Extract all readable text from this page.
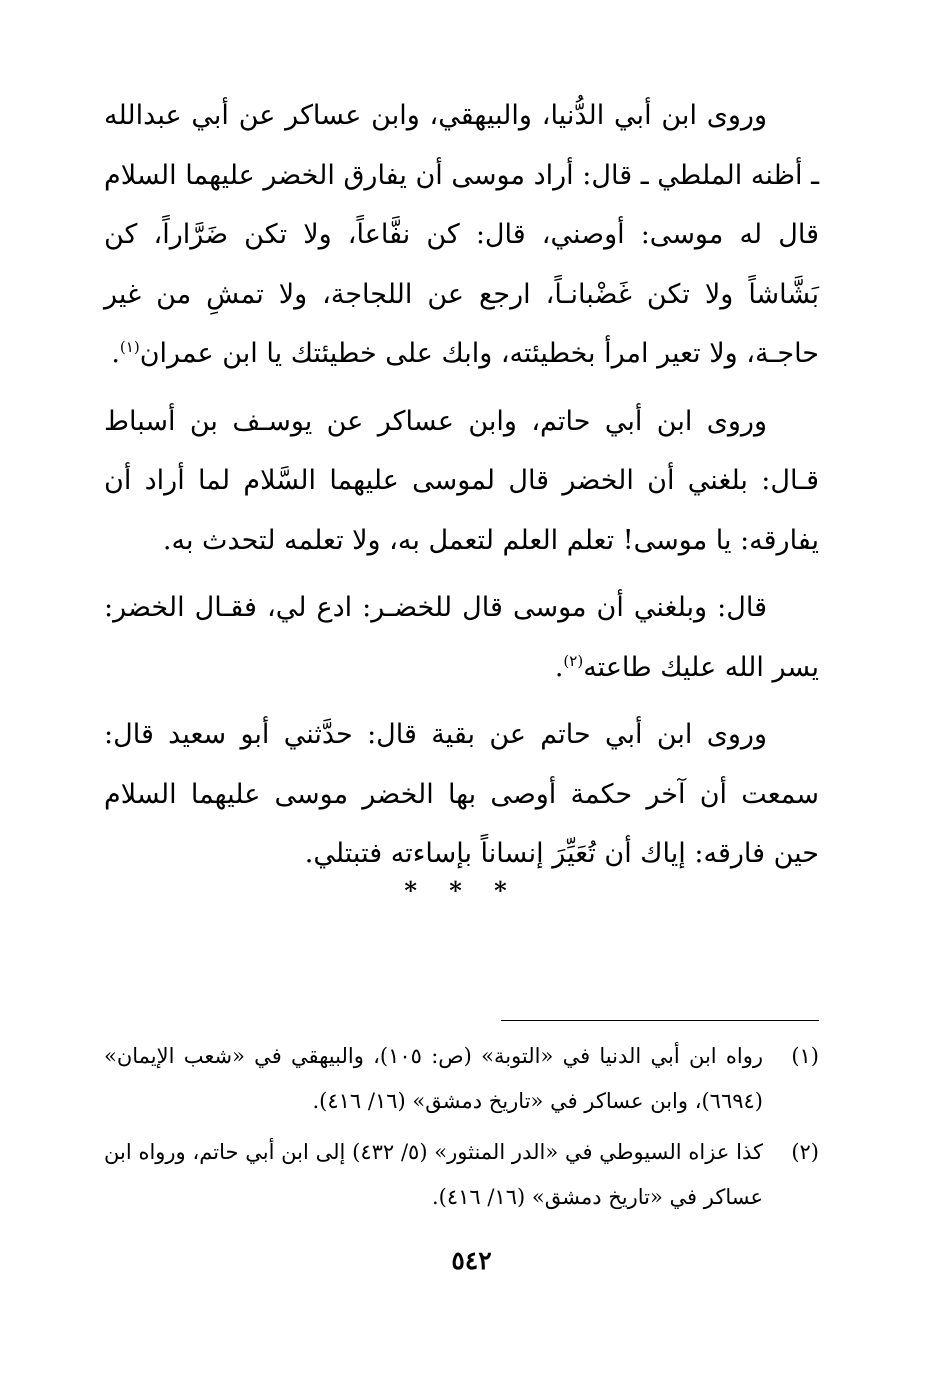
وروى ابن أبي الدُّنيا، والبيهقي، وابن عساكر عن أبي عبدالله ـ أظنه الملطي ـ قال: أراد موسى أن يفارق الخضر عليهما السلام قال له موسى: أوصني، قال: كن نفَّاعاً، ولا تكن ضَرَّاراً، كن بَشَّاشاً ولا تكن غَضْبانـاً، ارجع عن اللجاجة، ولا تمشِ من غير حاجـة، ولا تعير امرأ بخطيئته، وابك على خطيئتك يا ابن عمران$^{(١)}$.

وروى ابن أبي حاتم، وابن عساكر عن يوسـف بن أسباط قـال: بلغني أن الخضر قال لموسى عليهما السَّلام لما أراد أن يفارقه: يا موسى! تعلم العلم لتعمل به، ولا تعلمه لتحدث به.

قال: وبلغني أن موسى قال للخضـر: ادع لي، فقـال الخضر: يسر الله عليك طاعته$^{(٢)}$.

وروى ابن أبي حاتم عن بقية قال: حدَّثني أبو سعيد قال: سمعت أن آخر حكمة أوصى بها الخضر موسى عليهما السلام حين فارقه: إياك أن تُعَيِّرَ إنساناً بإساءته فتبتلي.

* * *
(١)
رواه ابن أبي الدنيا في «التوبة» (ص: ١٠٥)، والبيهقي في «شعب الإيمان» (٦٦٩٤)، وابن عساكر في «تاريخ دمشق» (١٦/ ٤١٦).
(٢)
كذا عزاه السيوطي في «الدر المنثور» (٥/ ٤٣٢) إلى ابن أبي حاتم، ورواه ابن عساكر في «تاريخ دمشق» (١٦/ ٤١٦).
٥٤٢
